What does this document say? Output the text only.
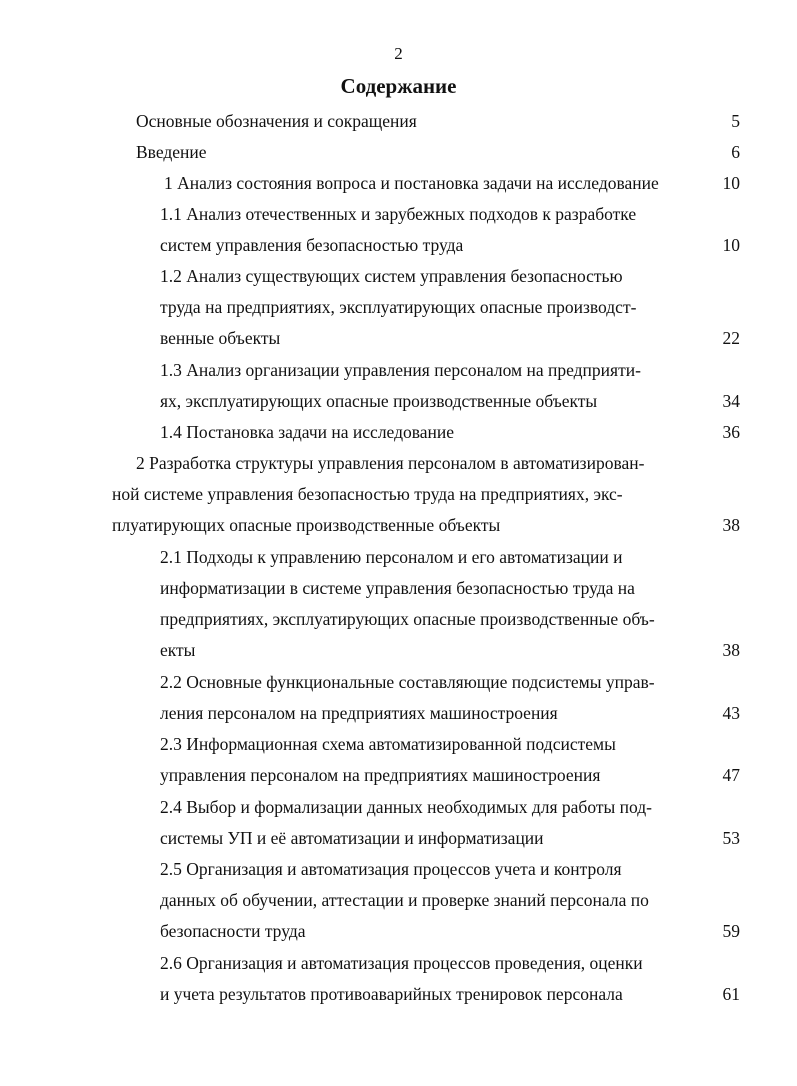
2
Содержание
Основные обозначения и сокращения	5
Введение	6
1 Анализ состояния вопроса и постановка задачи на исследование	10
1.1 Анализ отечественных и зарубежных подходов к разработке
систем управления безопасностью труда	10
1.2 Анализ существующих систем управления безопасностью
труда на предприятиях, эксплуатирующих опасные производст-
венные объекты	22
1.3 Анализ организации управления персоналом на предприяти-
ях, эксплуатирующих опасные производственные объекты	34
1.4 Постановка задачи на исследование	36
2 Разработка структуры управления персоналом в автоматизирован-
ной системе управления безопасностью труда на предприятиях, экс-
плуатирующих опасные производственные объекты	38
2.1 Подходы к управлению персоналом и его автоматизации и
информатизации в системе управления безопасностью труда на
предприятиях, эксплуатирующих опасные производственные объ-
екты	38
2.2 Основные функциональные составляющие подсистемы управ-
ления персоналом на предприятиях машиностроения	43
2.3 Информационная схема автоматизированной подсистемы
управления персоналом на предприятиях машиностроения	47
2.4 Выбор и формализации данных необходимых для работы под-
системы УП и её автоматизации и информатизации	53
2.5 Организация и автоматизация процессов учета и контроля
данных об обучении, аттестации и проверке знаний персонала по
безопасности труда	59
2.6 Организация и автоматизация процессов проведения, оценки
и учета результатов противоаварийных тренировок персонала	61
